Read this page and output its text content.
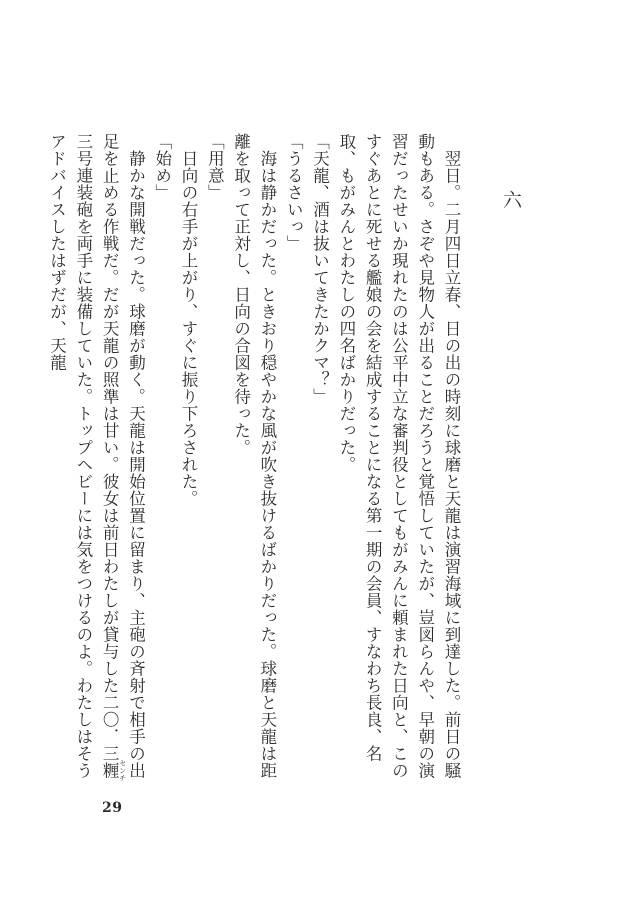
六

　翌日。二月四日立春、日の出の時刻に球磨と天龍は演習海域に到達した。前日の騒動もある。さぞや見物人が出ることだろうと覚悟していたが、豈図らんや、早朝の演習だったせいか現れたのは公平中立な審判役としてもがみんに頼まれた日向と、このすぐあとに死せる艦娘の会を結成することになる第一期の会員、すなわち長良、名取、もがみんとわたしの四名ばかりだった。

「天龍、酒は抜いてきたかクマ？」

「うるさいっ」

　海は静かだった。ときおり穏やかな風が吹き抜けるばかりだった。球磨と天龍は距離を取って正対し、日向の合図を待った。

「用意」

　日向の右手が上がり、すぐに振り下ろされた。

「始め」

　静かな開戦だった。球磨が動く。天龍は開始位置に留まり、主砲の斉射で相手の出足を止める作戦だ。だが天龍の照準は甘い。彼女は前日わたしが貸与した二〇．三糎 センチ三号連装砲を両手に装備していた。トップヘビーには気をつけるのよ。わたしはそうアドバイスしたはずだが、天龍

29
